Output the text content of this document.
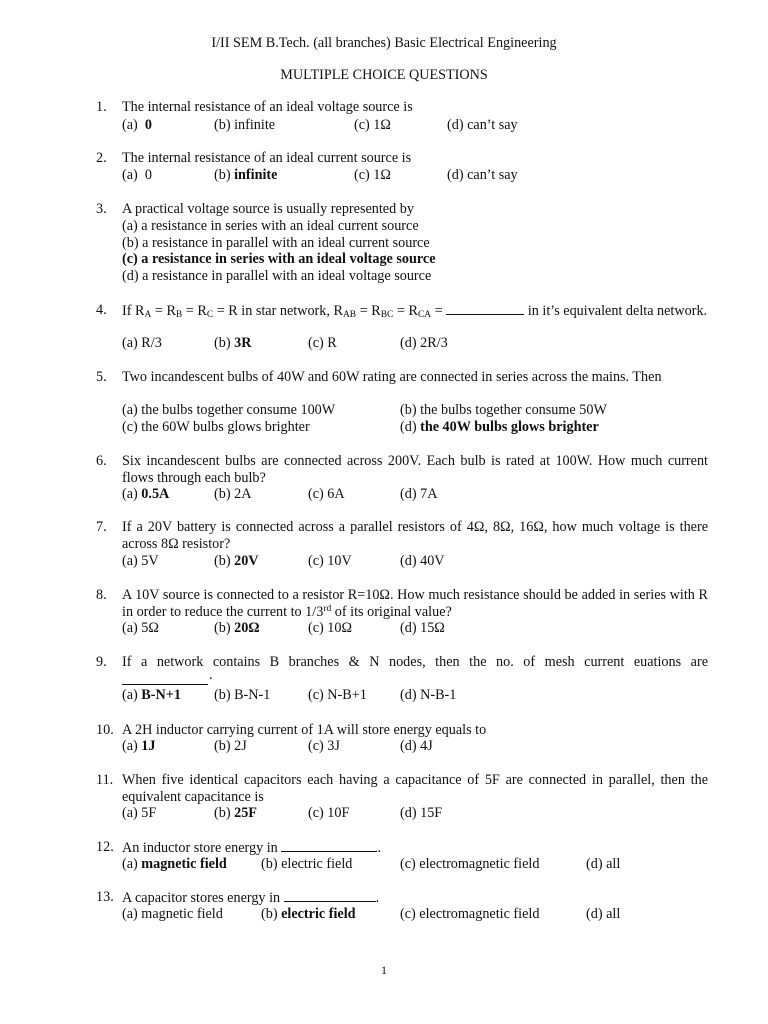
I/II SEM B.Tech. (all branches) Basic Electrical Engineering
MULTIPLE CHOICE QUESTIONS
1.	The internal resistance of an ideal voltage source is
(a) 0	(b) infinite	(c) 1Ω	(d) can’t say
2.	The internal resistance of an ideal current source is
(a) 0	(b) infinite	(c) 1Ω	(d) can’t say
3.	A practical voltage source is usually represented by
(a) a resistance in series with an ideal current source
(b) a resistance in parallel with an ideal current source
(c) a resistance in series with an ideal voltage source
(d) a resistance in parallel with an ideal voltage source
4.	If $R_A = R_B = R_C = R$ in star network, $R_{AB} = R_{BC} = R_{CA}$ =	in it’s equivalent delta network.
(a) R/3	(b) 3R	(c) R	(d) 2R/3
5.	Two incandescent bulbs of 40W and 60W rating are connected in series across the mains. Then
(a) the bulbs together consume 100W	(b) the bulbs together consume 50W
(c) the 60W bulbs glows brighter	(d) the 40W bulbs glows brighter
6.	Six incandescent bulbs are connected across 200V. Each bulb is rated at 100W. How much current flows through each bulb?
(a) 0.5A	(b) 2A	(c) 6A	(d) 7A
7.	If a 20V battery is connected across a parallel resistors of 4Ω, 8Ω, 16Ω, how much voltage is there across 8Ω resistor?
(a) 5V	(b) 20V	(c) 10V	(d) 40V
8.	A 10V source is connected to a resistor R=10Ω. How much resistance should be added in series with R in order to reduce the current to 1/3rd of its original value?
(a) 5Ω	(b) 20Ω	(c) 10Ω	(d) 15Ω
9.	If a network contains B branches & N nodes, then the no. of mesh current euations are
.
(a) B-N+1 (b) B-N-1	(c) N-B+1 (d) N-B-1
10. A 2H inductor carrying current of 1A will store energy equals to
(a) 1J	(b) 2J	(c) 3J	(d) 4J
11. When five identical capacitors each having a capacitance of 5F are connected in parallel, then the equivalent capacitance is
(a) 5F	(b) 25F	(c) 10F	(d) 15F
12. An inductor store energy in	.
(a) magnetic field (b) electric field	(c) electromagnetic field	(d) all
13. A capacitor stores energy in	.
(a) magnetic field	(b) electric field	(c) electromagnetic field	(d) all
1
